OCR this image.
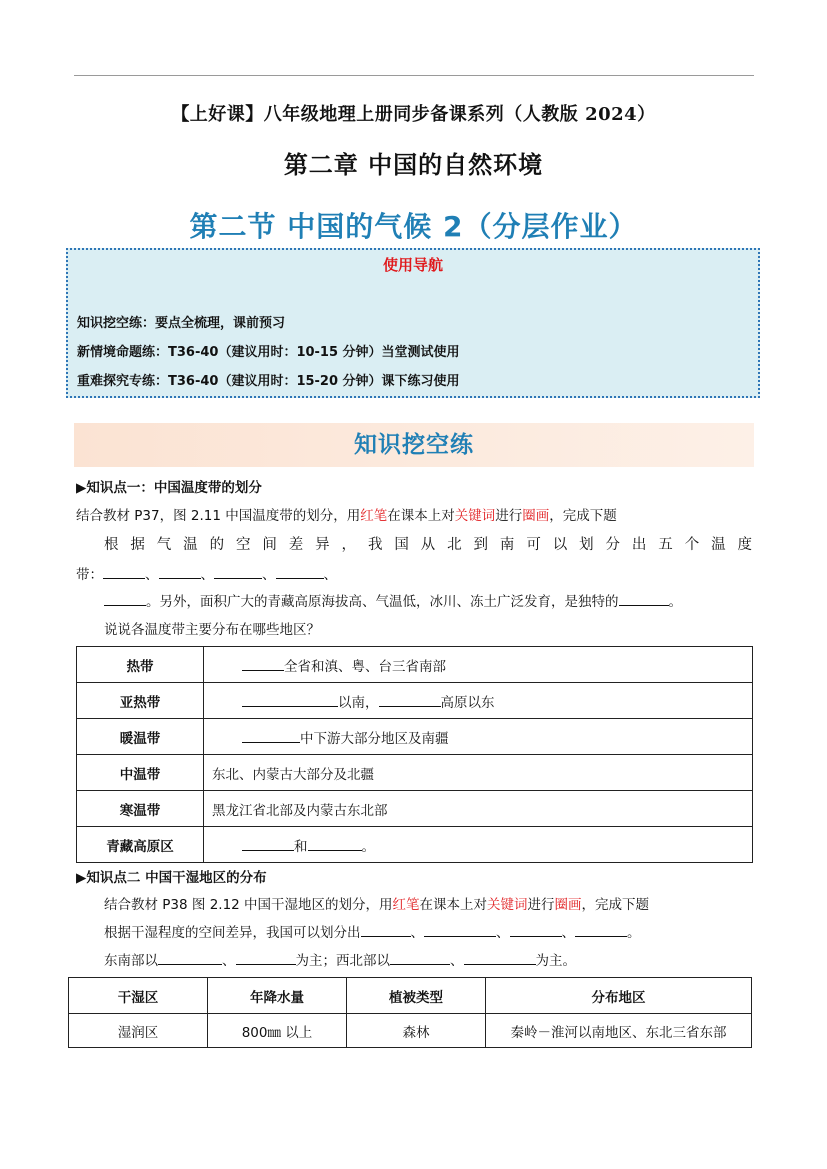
【上好课】八年级地理上册同步备课系列（人教版 2024）
第二章 中国的自然环境
第二节 中国的气候 2（分层作业）
使用导航
知识挖空练：要点全梳理，课前预习
新情境命题练：T36-40（建议用时：10-15 分钟）当堂测试使用
重难探究专练：T36-40（建议用时：15-20 分钟）课下练习使用
知识挖空练
▶知识点一：中国温度带的划分
结合教材 P37，图 2.11 中国温度带的划分，用红笔在课本上对关键词进行圈画，完成下题
根 据 气 温 的 空 间 差 异 ， 我 国 从 北 到 南 可 以 划 分 出 五 个 温 度
带：	、	、	、	、
。另外，面积广大的青藏高原海拔高、气温低，冰川、冻土广泛发育，是独特的	。
说说各温度带主要分布在哪些地区？
热带	全省和滇、粤、台三省南部
亚热带	以南， 高原以东
暖温带	中下游大部分地区及南疆
中温带	东北、内蒙古大部分及北疆
寒温带	黑龙江省北部及内蒙古东北部
青藏高原区	和 。
▶知识点二 中国干湿地区的分布
结合教材 P38 图 2.12 中国干湿地区的划分，用红笔在课本上对关键词进行圈画，完成下题
根据干湿程度的空间差异，我国可以划分出	、	、	、	。
东南部以	、	为主；西北部以	、	为主。
干湿区	年降水量	植被类型	分布地区
湿润区	800㎜ 以上	森林	秦岭－淮河以南地区、东北三省东部
